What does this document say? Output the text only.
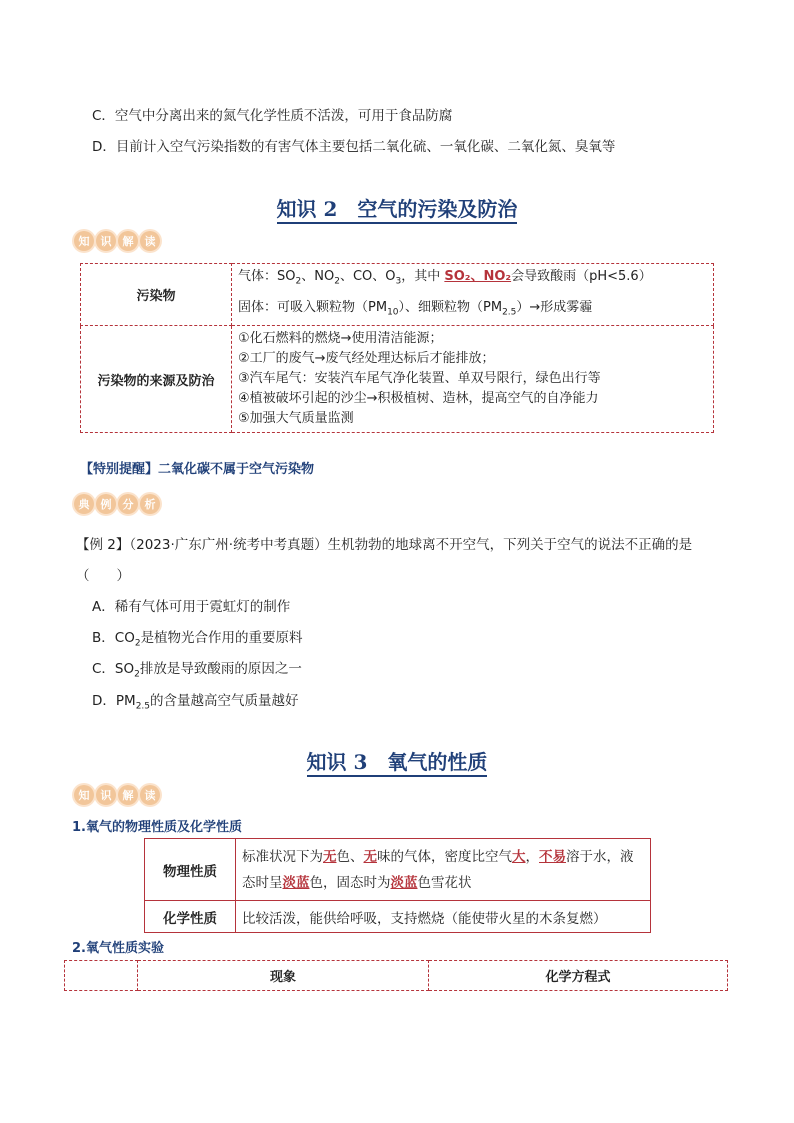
C．空气中分离出来的氮气化学性质不活泼，可用于食品防腐
D．目前计入空气污染指数的有害气体主要包括二氧化硫、一氧化碳、二氧化氮、臭氧等
知识 2　空气的污染及防治
知	识	解	读
污染物	气体：$SO_2$、$NO_2$、CO、$O_3$，其中 SO₂、NO₂会导致酸雨（pH<5.6）
固体：可吸入颗粒物$(PM_{10})$、细颗粒物$(PM_{2.5})\to$形成雾霾

污染物的来源及防治	①化石燃料的燃烧→使用清洁能源；
②工厂的废气→废气经处理达标后才能排放；
③汽车尾气：安装汽车尾气净化装置、单双号限行，绿色出行等
④植被破坏引起的沙尘→积极植树、造林，提高空气的自净能力
⑤加强大气质量监测
【特别提醒】二氧化碳不属于空气污染物
典	例	分	析
【例 2】（2023·广东广州·统考中考真题）生机勃勃的地球离不开空气，下列关于空气的说法不正确的是
（　　）
A．稀有气体可用于霓虹灯的制作
B．$CO_2$是植物光合作用的重要原料
C．$SO_2$排放是导致酸雨的原因之一
D．$PM_{2.5}$的含量越高空气质量越好
知识 3　氧气的性质
知	识	解	读
1.氧气的物理性质及化学性质
物理性质	标准状况下为无色、无味的气体，密度比空气大，不易溶于水，液
态时呈淡蓝色，固态时为淡蓝色雪花状
化学性质	比较活泼，能供给呼吸，支持燃烧（能使带火星的木条复燃）
2.氧气性质实验
	现象	化学方程式
